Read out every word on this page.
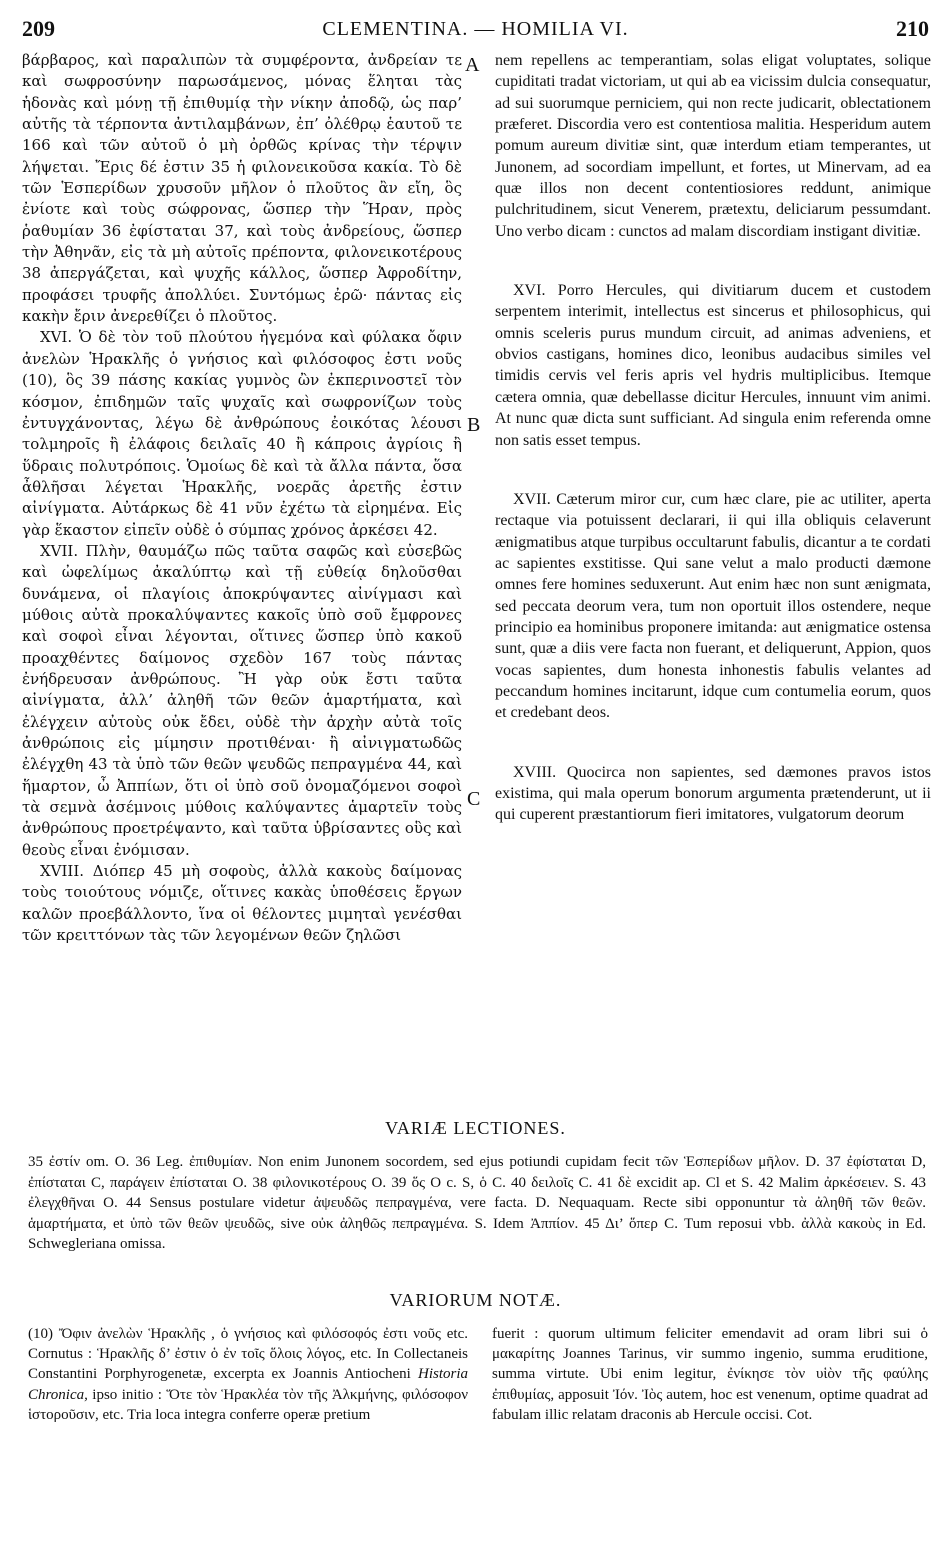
209	CLEMENTINA. — HOMILIA VI.	210

βάρβαρος, καὶ παραλιπὼν τὰ συμφέροντα, ἀνδρείαν τε καὶ σωφροσύνην παρωσάμενος, μόνας ἕληται τὰς ἡδονὰς καὶ μόνῃ τῇ ἐπιθυμίᾳ τὴν νίκην ἀποδῷ, ὡς παρ’ αὐτῆς τὰ τέρποντα ἀντιλαμβάνων, ἐπ’ ὀλέθρῳ ἑαυτοῦ τε 166 καὶ τῶν αὐτοῦ ὁ μὴ ὀρθῶς κρίνας τὴν τέρψιν λήψεται. Ἔρις δέ ἐστιν 35 ἡ φιλονεικοῦσα κακία. Τὸ δὲ τῶν Ἑσπερίδων χρυσοῦν μῆλον ὁ πλοῦτος ἂν εἴη, ὃς ἐνίοτε καὶ τοὺς σώφρονας, ὥσπερ τὴν Ἥραν, πρὸς ῥαθυμίαν 36 ἐφίσταται 37, καὶ τοὺς ἀνδρείους, ὥσπερ τὴν Ἀθηνᾶν, εἰς τὰ μὴ αὐτοῖς πρέποντα, φιλονεικοτέρους 38 ἀπεργάζεται, καὶ ψυχῆς κάλλος, ὥσπερ Ἀφροδίτην, προφάσει τρυφῆς ἀπολλύει. Συντόμως ἐρῶ· πάντας εἰς κακὴν ἔριν ἀνερεθίζει ὁ πλοῦτος.

XVI. Ὁ δὲ τὸν τοῦ πλούτου ἡγεμόνα καὶ φύλακα ὄφιν ἀνελὼν Ἡρακλῆς ὁ γνήσιος καὶ φιλόσοφος ἐστι νοῦς (10), ὃς 39 πάσης κακίας γυμνὸς ὢν ἐκπερινοστεῖ τὸν κόσμον, ἐπιδημῶν ταῖς ψυχαῖς καὶ σωφρονίζων τοὺς ἐντυγχάνοντας, λέγω δὲ ἀνθρώπους ἐοικότας λέουσι τολμηροῖς ἢ ἐλάφοις δειλαῖς 40 ἢ κάπροις ἀγρίοις ἢ ὕδραις πολυτρόποις. Ὁμοίως δὲ καὶ τὰ ἄλλα πάντα, ὅσα ἆθλῆσαι λέγεται Ἡρακλῆς, νοερᾶς ἀρετῆς ἐστιν αἰνίγματα. Αὐτάρκως δὲ 41 νῦν ἐχέτω τὰ εἰρημένα. Εἰς γὰρ ἕκαστον εἰπεῖν οὐδὲ ὁ σύμπας χρόνος ἀρκέσει 42.

XVII. Πλὴν, θαυμάζω πῶς ταῦτα σαφῶς καὶ εὐσεβῶς καὶ ὠφελίμως ἀκαλύπτῳ καὶ τῇ εὐθείᾳ δηλοῦσθαι δυνάμενα, οἱ πλαγίοις ἀποκρύψαντες αἰνίγμασι καὶ μύθοις αὐτὰ προκαλύψαντες κακοῖς ὑπὸ σοῦ ἔμφρονες καὶ σοφοὶ εἶναι λέγονται, οἵτινες ὥσπερ ὑπὸ κακοῦ προαχθέντες δαίμονος σχεδὸν 167 τοὺς πάντας ἐνήδρευσαν ἀνθρώπους. Ἢ γὰρ οὐκ ἔστι ταῦτα αἰνίγματα, ἀλλ’ ἀληθῆ τῶν θεῶν ἁμαρτήματα, καὶ ἐλέγχειν αὐτοὺς οὐκ ἔδει, οὐδὲ τὴν ἀρχὴν αὐτὰ τοῖς ἀνθρώποις εἰς μίμησιν προτιθέναι· ἢ αἰνιγματωδῶς ἐλέγχθη 43 τὰ ὑπὸ τῶν θεῶν ψευδῶς πεπραγμένα 44, καὶ ἥμαρτον, ὦ Ἀππίων, ὅτι οἱ ὑπὸ σοῦ ὀνομαζόμενοι σοφοὶ τὰ σεμνὰ ἀσέμνοις μύθοις καλύψαντες ἁμαρτεῖν τοὺς ἀνθρώπους προετρέψαντο, καὶ ταῦτα ὑβρίσαντες οὓς καὶ θεοὺς εἶναι ἐνόμισαν.

XVIII. Διόπερ 45 μὴ σοφοὺς, ἀλλὰ κακοὺς δαίμονας τοὺς τοιούτους νόμιζε, οἵτινες κακὰς ὑποθέσεις ἔργων καλῶν προεβάλλοντο, ἵνα οἱ θέλοντες μιμηταὶ γενέσθαι τῶν κρειττόνων τὰς τῶν λεγομένων θεῶν ζηλῶσι

A
B
C

nem repellens ac temperantiam, solas eligat voluptates, solique cupiditati tradat victoriam, ut qui ab ea vicissim dulcia consequatur, ad sui suorumque perniciem, qui non recte judicarit, oblectationem præferet. Discordia vero est contentiosa malitia. Hesperidum autem pomum aureum divitiæ sint, quæ interdum etiam temperantes, ut Junonem, ad socordiam impellunt, et fortes, ut Minervam, ad ea quæ illos non decent contentiosiores reddunt, animique pulchritudinem, sicut Venerem, prætextu, deliciarum pessumdant. Uno verbo dicam : cunctos ad malam discordiam instigant divitiæ.

XVI. Porro Hercules, qui divitiarum ducem et custodem serpentem interimit, intellectus est sincerus et philosophicus, qui omnis sceleris purus mundum circuit, ad animas adveniens, et obvios castigans, homines dico, leonibus audacibus similes vel timidis cervis vel feris apris vel hydris multiplicibus. Itemque cætera omnia, quæ debellasse dicitur Hercules, innuunt vim animi. At nunc quæ dicta sunt sufficiant. Ad singula enim referenda omne non satis esset tempus.

XVII. Cæterum miror cur, cum hæc clare, pie ac utiliter, aperta rectaque via potuissent declarari, ii qui illa obliquis celaverunt ænigmatibus atque turpibus occultarunt fabulis, dicantur a te cordati ac sapientes exstitisse. Qui sane velut a malo producti dæmone omnes fere homines seduxerunt. Aut enim hæc non sunt ænigmata, sed peccata deorum vera, tum non oportuit illos ostendere, neque principio ea hominibus proponere imitanda: aut ænigmatice ostensa sunt, quæ a diis vere facta non fuerant, et deliquerunt, Appion, quos vocas sapientes, dum honesta inhonestis fabulis velantes ad peccandum homines incitarunt, idque cum contumelia eorum, quos et credebant deos.

XVIII. Quocirca non sapientes, sed dæmones pravos istos existima, qui mala operum bonorum argumenta prætenderunt, ut ii qui cuperent præstantiorum fieri imitatores, vulgatorum deorum

VARIÆ LECTIONES.

35 ἐστίν om. O. 36 Leg. ἐπιθυμίαν. Non enim Junonem socordem, sed ejus potiundi cupidam fecit τῶν Ἑσπερίδων μῆλον. D. 37 ἐφίσταται D, ἐπίσταται C, παράγειν ἐπίσταται O. 38 φιλονικοτέρους O. 39 ὅς O c. S, ὁ C. 40 δειλοῖς C. 41 δὲ excidit ap. Cl et S. 42 Malim ἀρκέσειεν. S. 43 ἐλεγχθῆναι O. 44 Sensus postulare videtur ἀψευδῶς πεπραγμένα, vere facta. D. Nequaquam. Recte sibi opponuntur τὰ ἀληθῆ τῶν θεῶν. ἁμαρτήματα, et ὑπὸ τῶν θεῶν ψευδῶς, sive οὐκ ἀληθῶς πεπραγμένα. S. Idem Ἀππίον. 45 Δι’ ὅπερ C. Tum reposui vbb. ἀλλὰ κακοὺς in Ed. Schwegleriana omissa.

VARIORUM NOTÆ.

(10) Ὄφιν ἀνελὼν Ἡρακλῆς , ὁ γνήσιος καὶ φιλόσοφός ἐστι νοῦς etc. Cornutus : Ἡρακλῆς δ’ ἐστιν ὁ ἐν τοῖς ὅλοις λόγος, etc. In Collectaneis Constantini Porphyrogenetæ, excerpta ex Joannis Antiocheni Historia Chronica, ipso initio : Ὅτε τὸν Ἡρακλέα τὸν τῆς Ἀλκμήνης, φιλόσοφον ἱστοροῦσιν, etc. Tria loca integra conferre operæ pretium

fuerit : quorum ultimum feliciter emendavit ad oram libri sui ὁ μακαρίτης Joannes Tarinus, vir summo ingenio, summa eruditione, summa virtute. Ubi enim legitur, ἐνίκησε τὸν υἱὸν τῆς φαύλης ἐπιθυμίας, apposuit Ἰόν. Ἰὸς autem, hoc est venenum, optime quadrat ad fabulam illic relatam draconis ab Hercule occisi. Cot.
